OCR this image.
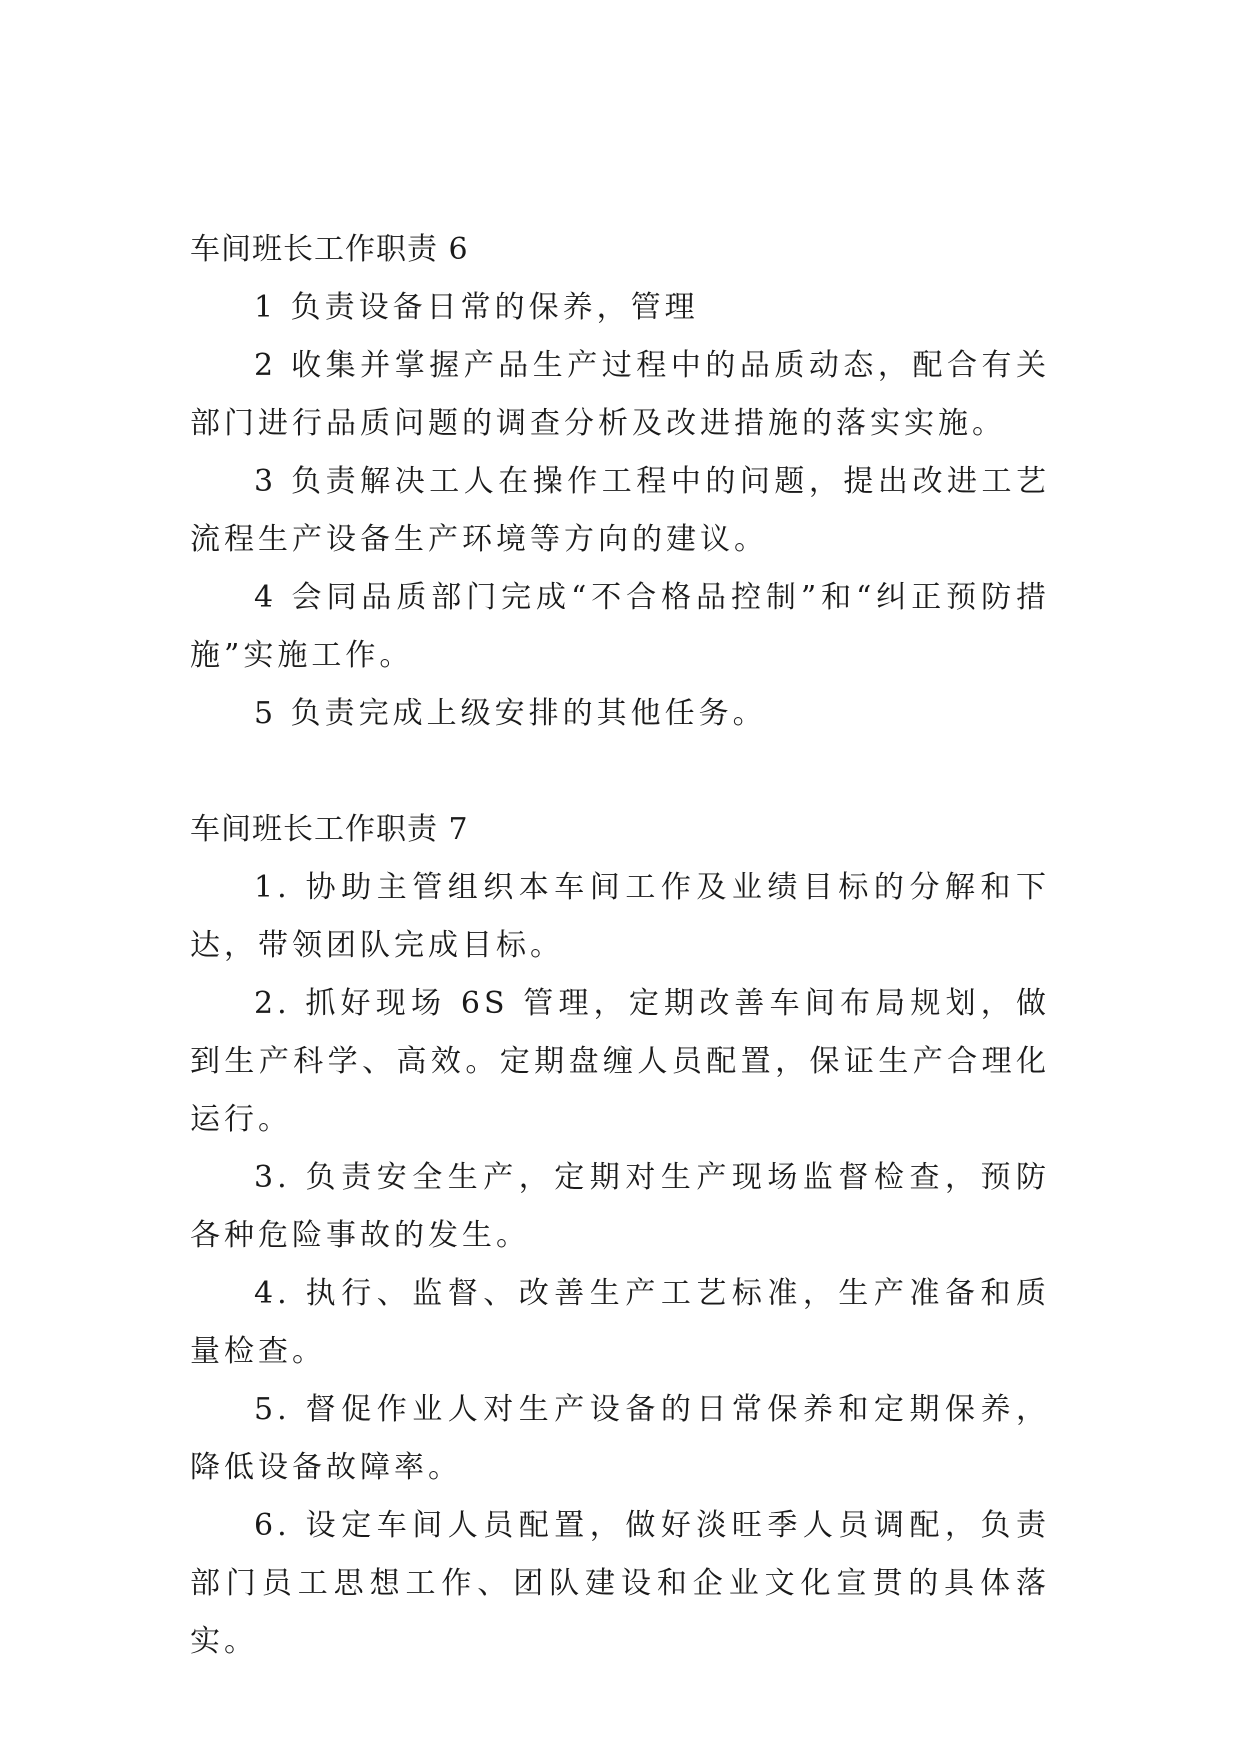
车间班长工作职责 6

1 负责设备日常的保养，管理

2 收集并掌握产品生产过程中的品质动态，配合有关部门进行品质问题的调查分析及改进措施的落实实施。

3 负责解决工人在操作工程中的问题，提出改进工艺流程生产设备生产环境等方向的建议。

4 会同品质部门完成“不合格品控制”和“纠正预防措施”实施工作。

5 负责完成上级安排的其他任务。

车间班长工作职责 7

1. 协助主管组织本车间工作及业绩目标的分解和下达，带领团队完成目标。

2. 抓好现场 6S 管理，定期改善车间布局规划，做到生产科学、高效。定期盘缠人员配置，保证生产合理化运行。

3. 负责安全生产，定期对生产现场监督检查，预防各种危险事故的发生。

4. 执行、监督、改善生产工艺标准，生产准备和质量检查。

5. 督促作业人对生产设备的日常保养和定期保养，降低设备故障率。

6. 设定车间人员配置，做好淡旺季人员调配，负责部门员工思想工作、团队建设和企业文化宣贯的具体落实。
